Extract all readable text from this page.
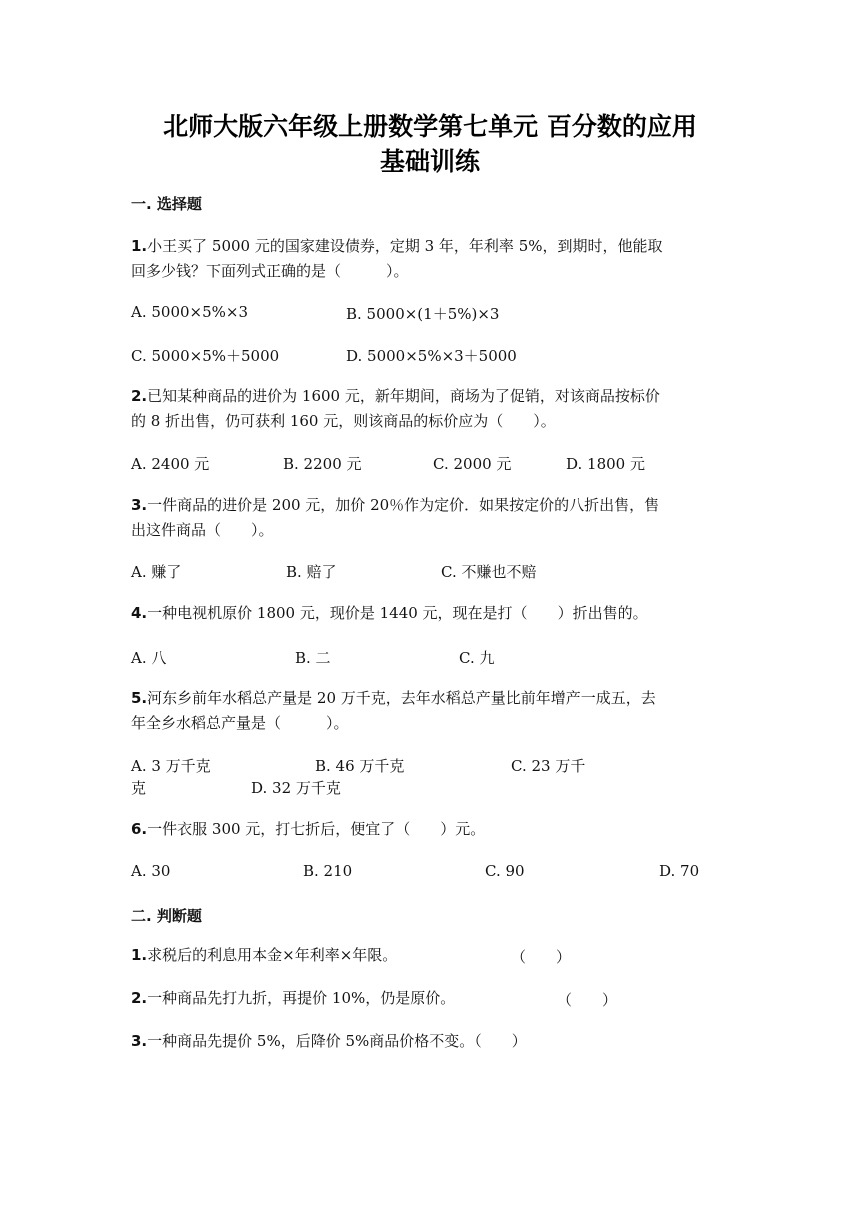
北师大版六年级上册数学第七单元 百分数的应用
基础训练
一. 选择题
1.小王买了 5000 元的国家建设债券，定期 3 年，年利率 5%，到期时，他能取
回多少钱？下面列式正确的是（　　　）。
A. 5000×5%×3	B. 5000×(1＋5%)×3
C. 5000×5%＋5000	D. 5000×5%×3＋5000
2.已知某种商品的进价为 1600 元，新年期间，商场为了促销，对该商品按标价
的 8 折出售，仍可获利 160 元，则该商品的标价应为（　　）。
A. 2400 元	B. 2200 元	C. 2000 元	D. 1800 元
3.一件商品的进价是 200 元，加价 20％作为定价．如果按定价的八折出售，售
出这件商品（　　）。
A. 赚了	B. 赔了	C. 不赚也不赔
4.一种电视机原价 1800 元，现价是 1440 元，现在是打（　　）折出售的。
A. 八	B. 二	C. 九
5.河东乡前年水稻总产量是 20 万千克，去年水稻总产量比前年增产一成五，去
年全乡水稻总产量是（　　　）。
A. 3 万千克	B. 46 万千克	C. 23 万千
克	D. 32 万千克
6.一件衣服 300 元，打七折后，便宜了（　　）元。
A. 30	B. 210	C. 90	D. 70
二. 判断题
1.求税后的利息用本金×年利率×年限。	（　　）
2.一种商品先打九折，再提价 10%，仍是原价。	（　　）
3.一种商品先提价 5%，后降价 5%商品价格不变。（　　）
